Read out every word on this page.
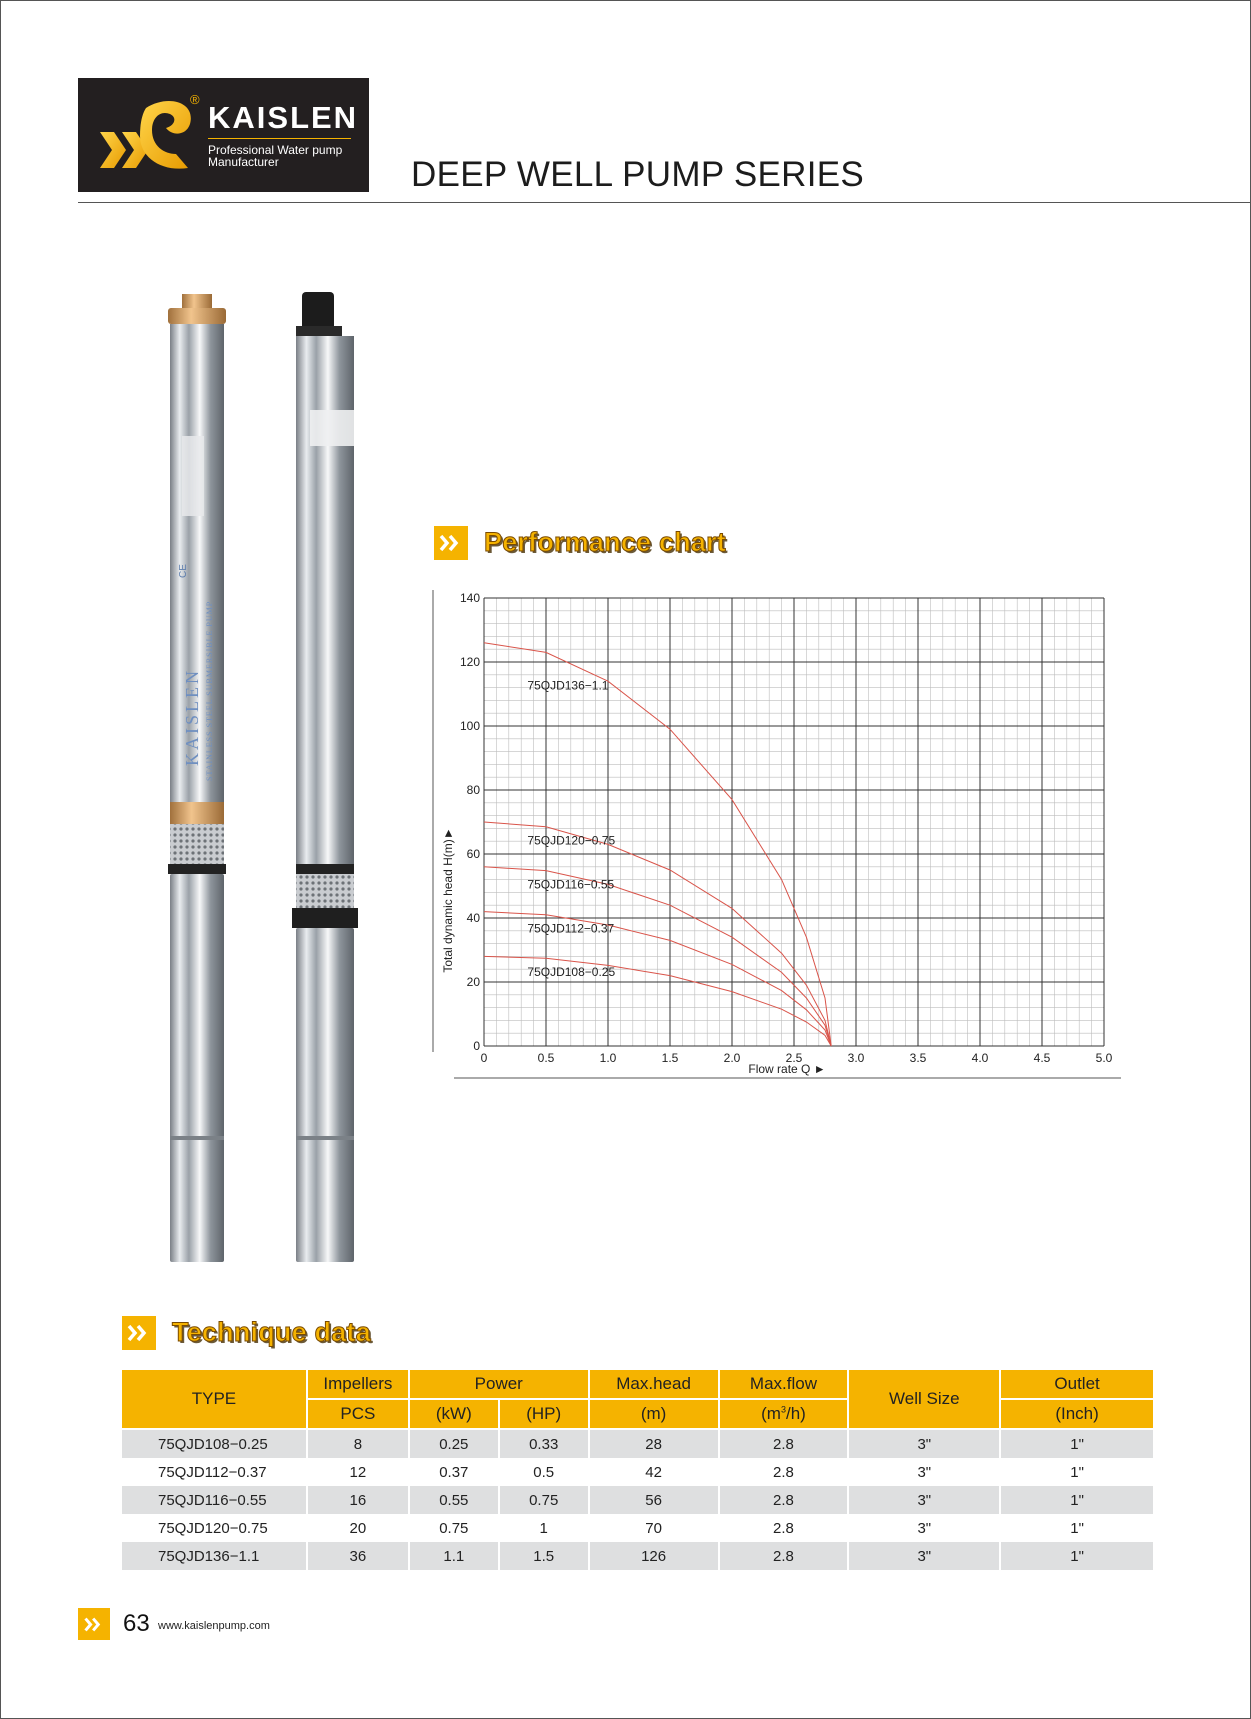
®
KAISLEN
Professional Water pump
Manufacturer	DEEP WELL PUMP SERIES
KAISLEN STAINLESS STEEL SUBMERSIBLE PUMP
CE
Performance chart
0	0.5	1.0	1.5	2.0	2.5	3.0	3.5	4.0	4.5	5.0
0
20
40
60
80
100
120
140
75QJD136−1.1
75QJD120−0.75
75QJD116−0.55
75QJD112−0.37
75QJD108−0.25
Flow rate Q ►
Total dynamic head H(m)►
Technique data
TYPE	Impellers	Power		Max.head	Max.flow	Well Size	Outlet
	PCS	(kW)	(HP)	(m)	$(m^3/h)$		(Inch)
75QJD108−0.25	8	0.25	0.33	28	2.8	3"	1"
75QJD112−0.37	12	0.37	0.5	42	2.8	3"	1"
75QJD116−0.55	16	0.55	0.75	56	2.8	3"	1"
75QJD120−0.75	20	0.75	1	70	2.8	3"	1"
75QJD136−1.1	36	1.1	1.5	126	2.8	3"	1"
63 www.kaislenpump.com
